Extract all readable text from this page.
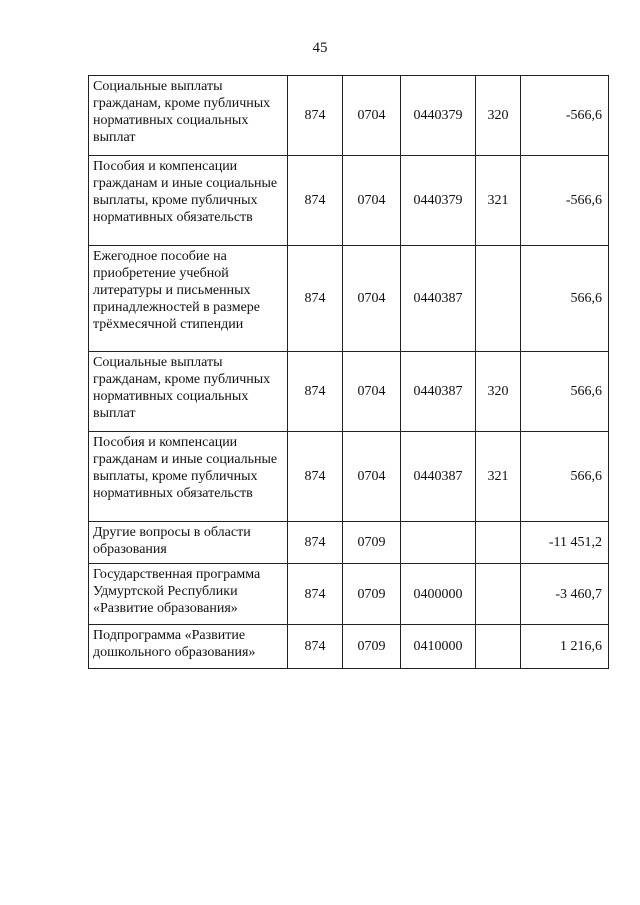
45
Социальные выплаты гражданам, кроме публичных нормативных социальных выплат	874	0704	0440379	320	-566,6
Пособия и компенсации гражданам и иные социальные выплаты, кроме публичных нормативных обязательств	874	0704	0440379	321	-566,6
Ежегодное пособие на приобретение учебной литературы и письменных принадлежностей в размере трёхмесячной стипендии	874	0704	0440387		566,6
Социальные выплаты гражданам, кроме публичных нормативных социальных выплат	874	0704	0440387	320	566,6
Пособия и компенсации гражданам и иные социальные выплаты, кроме публичных нормативных обязательств	874	0704	0440387	321	566,6
Другие вопросы в области образования	874	0709			-11 451,2
Государственная программа Удмуртской Республики «Развитие образования»	874	0709	0400000		-3 460,7
Подпрограмма «Развитие дошкольного образования»	874	0709	0410000		1 216,6
